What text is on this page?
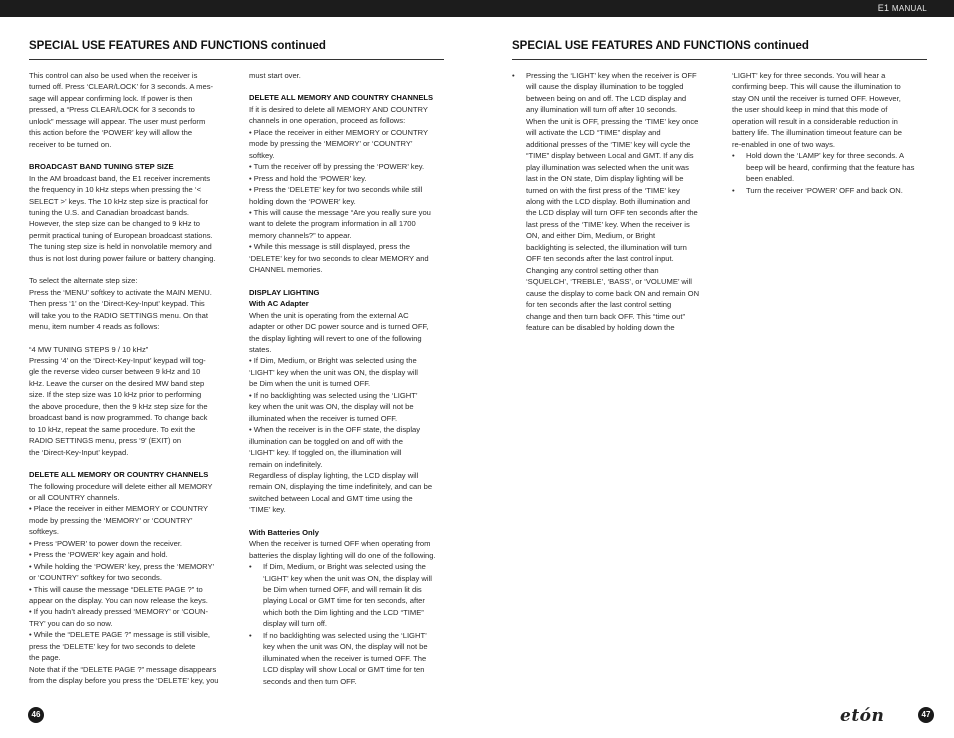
E1 MANUAL
SPECIAL USE FEATURES AND FUNCTIONS continued	SPECIAL USE FEATURES AND FUNCTIONS continued

This control can also be used when the receiver is
turned off. Press ‘CLEAR/LOCK’ for 3 seconds. A mes-
sage will appear confirming lock. If power is then
pressed, a “Press CLEAR/LOCK for 3 seconds to
unlock” message will appear. The user must perform
this action before the ‘POWER’ key will allow the
receiver to be turned on.

BROADCAST BAND TUNING STEP SIZE

In the AM broadcast band, the E1 receiver increments
the frequency in 10 kHz steps when pressing the ‘<
SELECT >’ keys. The 10 kHz step size is practical for
tuning the U.S. and Canadian broadcast bands.
However, the step size can be changed to 9 kHz to
permit practical tuning of European broadcast stations.
The tuning step size is held in nonvolatile memory and
thus is not lost during power failure or battery changing.

To select the alternate step size:
Press the ‘MENU’ softkey to activate the MAIN MENU.
Then press ‘1’ on the ‘Direct-Key-Input’ keypad. This
will take you to the RADIO SETTINGS menu. On that
menu, item number 4 reads as follows:

“4 MW TUNING STEPS 9 / 10 kHz”
Pressing ‘4’ on the ‘Direct-Key-Input’ keypad will tog-
gle the reverse video curser between 9 kHz and 10
kHz. Leave the curser on the desired MW band step
size. If the step size was 10 kHz prior to performing
the above procedure, then the 9 kHz step size for the
broadcast band is now programmed. To change back
to 10 kHz, repeat the same procedure. To exit the
RADIO SETTINGS menu, press ‘9’ (EXIT) on
the ‘Direct-Key-Input’ keypad.

DELETE ALL MEMORY OR COUNTRY CHANNELS

The following procedure will delete either all MEMORY
or all COUNTRY channels.
• Place the receiver in either MEMORY or COUNTRY
mode by pressing the ‘MEMORY’ or ‘COUNTRY’
softkeys.
• Press ‘POWER’ to power down the receiver.
• Press the ‘POWER’ key again and hold.
• While holding the ‘POWER’ key, press the ‘MEMORY’
or ‘COUNTRY’ softkey for two seconds.
• This will cause the message “DELETE PAGE ?” to
appear on the display. You can now release the keys.
• If you hadn’t already pressed ‘MEMORY’ or ‘COUN-
TRY’ you can do so now.
• While the “DELETE PAGE ?” message is still visible,
press the ‘DELETE’ key for two seconds to delete
the page.
Note that if the “DELETE PAGE ?” message disappears
from the display before you press the ‘DELETE’ key, you

must start over.

DELETE ALL MEMORY AND COUNTRY CHANNELS

If it is desired to delete all MEMORY AND COUNTRY
channels in one operation, proceed as follows:
• Place the receiver in either MEMORY or COUNTRY
mode by pressing the ‘MEMORY’ or ‘COUNTRY’
softkey.
• Turn the receiver off by pressing the ‘POWER’ key.
• Press and hold the ‘POWER’ key.
• Press the ‘DELETE’ key for two seconds while still
holding down the ‘POWER’ key.
• This will cause the message “Are you really sure you
want to delete the program information in all 1700
memory channels?” to appear.
• While this message is still displayed, press the
‘DELETE’ key for two seconds to clear MEMORY and
CHANNEL memories.

DISPLAY LIGHTING
With AC Adapter

When the unit is operating from the external AC
adapter or other DC power source and is turned OFF,
the display lighting will revert to one of the following
states.
• If Dim, Medium, or Bright was selected using the
‘LIGHT’ key when the unit was ON, the display will
be Dim when the unit is turned OFF.
• If no backlighting was selected using the ‘LIGHT’
key when the unit was ON, the display will not be
illuminated when the receiver is turned OFF.
• When the receiver is in the OFF state, the display
illumination can be toggled on and off with the
‘LIGHT’ key. If toggled on, the illumination will
remain on indefinitely.
Regardless of display lighting, the LCD display will
remain ON, displaying the time indefinitely, and can be
switched between Local and GMT time using the
‘TIME’ key.

With Batteries Only

When the receiver is turned OFF when operating from
batteries the display lighting will do one of the following.

• If Dim, Medium, or Bright was selected using the
‘LIGHT’ key when the unit was ON, the display will
be Dim when turned OFF, and will remain lit dis
playing Local or GMT time for ten seconds, after
which both the Dim lighting and the LCD “TIME”
display will turn off.

• If no backlighting was selected using the ‘LIGHT’
key when the unit was ON, the display will not be
illuminated when the receiver is turned OFF. The
LCD display will show Local or GMT time for ten
seconds and then turn OFF.

• Pressing the ‘LIGHT’ key when the receiver is OFF
will cause the display illumination to be toggled
between being on and off. The LCD display and
any illumination will turn off after 10 seconds.
When the unit is OFF, pressing the ‘TIME’ key once
will activate the LCD “TIME” display and
additional presses of the ‘TIME’ key will cycle the
“TIME” display between Local and GMT. If any dis
play illumination was selected when the unit was
last in the ON state, Dim display lighting will be
turned on with the first press of the ‘TIME’ key
along with the LCD display. Both illumination and
the LCD display will turn OFF ten seconds after the
last press of the ‘TIME’ key. When the receiver is
ON, and either Dim, Medium, or Bright
backlighting is selected, the illumination will turn
OFF ten seconds after the last control input.
Changing any control setting other than
‘SQUELCH’, ‘TREBLE’, ‘BASS’, or ‘VOLUME’ will
cause the display to come back ON and remain ON
for ten seconds after the last control setting
change and then turn back OFF. This “time out”
feature can be disabled by holding down the

‘LIGHT’ key for three seconds. You will hear a
confirming beep. This will cause the illumination to
stay ON until the receiver is turned OFF. However,
the user should keep in mind that this mode of
operation will result in a considerable reduction in
battery life. The illumination timeout feature can be
re-enabled in one of two ways.

• Hold down the ‘LAMP’ key for three seconds. A
beep will be heard, confirming that the feature has
been enabled.

• Turn the receiver ‘POWER’ OFF and back ON.

46	etón	47
